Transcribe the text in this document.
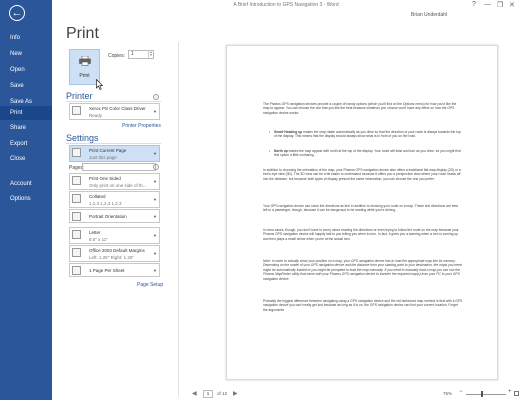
←
Info
New
Open
Save
Save As
Print
Share
Export
Close
Account
Options
A Brief Introduction to GPS Navigation 3 - Word	? — ❐ ✕
Brian Underdahl
Print
Print
Copies:	1	▲
▼
Printer	i
Xerox PS Color Class Driver
Ready
▼
Printer Properties
Settings
Print Current Page
Just this page
▼
Pages:	i
Print One Sided
Only print on one side of th...
▼
Collated
1,2,3 1,2,3 1,2,3
▼
Portrait Orientation	▼
Letter
8.5" x 11"
▼
Office 2003 Default Margins
Left: 1.25" Right: 1.25"
▼
1 Page Per Sheet	▼
Page Setup
The Phaeos GPS navigation devices provide a couple of handy options (which you'll find on the Options menu) for how you'd like the map to appear. You can choose the one that you like the best because whatever you choose won't have any effect on how the GPS navigation device works:
• Smart Heading up makes the map rotate automatically as you drive so that the direction of your route is always towards the top of the display. This means that the display should always show what is in front of you on the road.
• North up makes the map appear with north at the top of the display. Your route will twist and turn as you drive, so you might find this option a little confusing.
In addition to choosing the orientation of the map, your Phaeos GPS navigation device also offers a traditional flat map display (2D) or a bird's-eye view (3D). The 3D view can be a bit easier to understand because it offers you a perspective view where your route heads off into the distance, but because both types of display present the same information, you can choose the one you prefer.
Your GPS navigation device can show the directions as text in addition to showing your route on a map. These text directions are best left to a passenger, though, because it can be dangerous to be reading while you're driving.
In most cases, though, you don't have to worry about reading the directions or even trying to follow the route on the map because your Phaeos GPS navigation device will happily talk to you telling you when to turn. In fact, it gives you a warning when a turn is coming up and then plays a small chime when you're at the actual turn.
Note: In order to actually show your position on a map, your GPS navigation device has to load the appropriate map into its memory. Depending on the model of your GPS navigation device and the distance from your starting point to your destination, the maps you need might be automatically loaded or you might be prompted to load the map manually. If you need to manually load a map you can use the Phaeos MapFinder utility that came with your Phaeos GPS navigation device to transfer the required map(s) from your PC to your GPS navigation device.
Probably the biggest difference between navigating using a GPS navigation device and the old fashioned map method is that with a GPS navigation device you can't really get lost because as long as it is on, the GPS navigation device can find your current location. Forget the arguments
◀	1	of 12 ▶	76% −	+
